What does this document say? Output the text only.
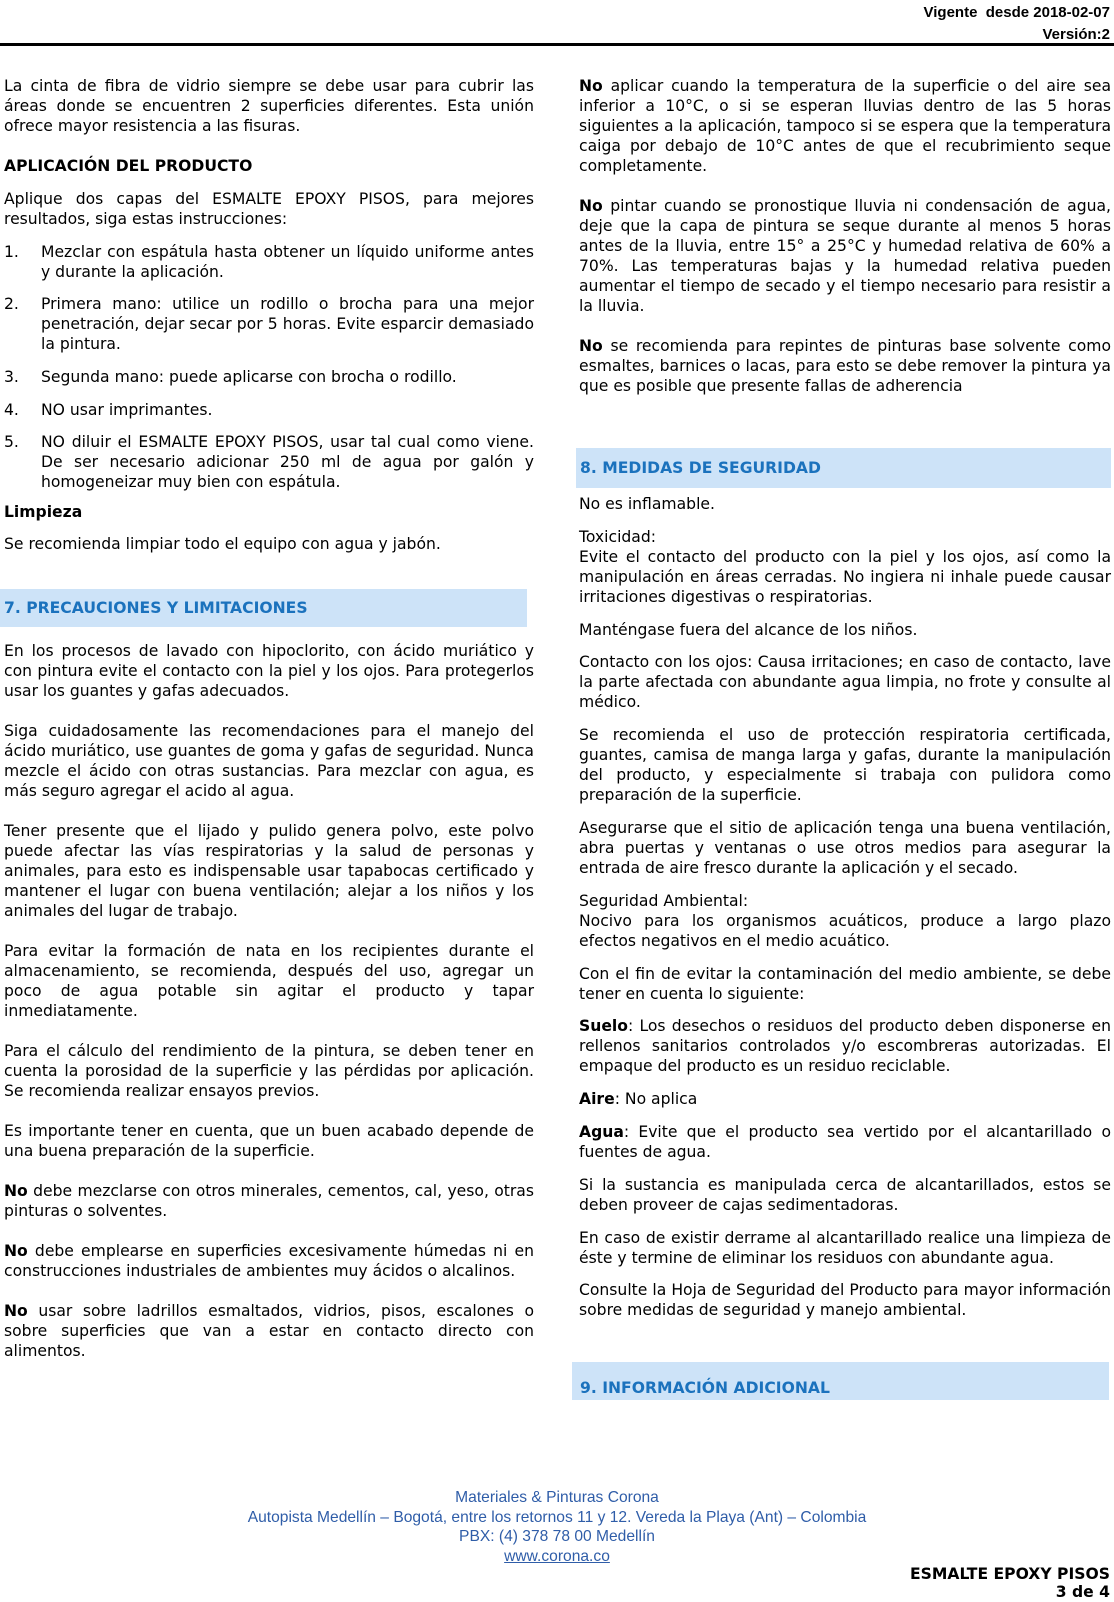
Vigente  desde 2018-02-07
Versión:2

La cinta de fibra de vidrio siempre se debe usar para cubrir las áreas donde se encuentren 2 superficies diferentes. Esta unión ofrece mayor resistencia a las fisuras.

APLICACIÓN DEL PRODUCTO

Aplique dos capas del ESMALTE EPOXY PISOS, para mejores resultados, siga estas instrucciones:

1. Mezclar con espátula hasta obtener un líquido uniforme antes y durante la aplicación.
2. Primera mano: utilice un rodillo o brocha para una mejor penetración, dejar secar por 5 horas. Evite esparcir demasiado la pintura.
3. Segunda mano: puede aplicarse con brocha o rodillo.
4. NO usar imprimantes.
5. NO diluir el ESMALTE EPOXY PISOS, usar tal cual como viene. De ser necesario adicionar 250 ml de agua por galón y homogeneizar muy bien con espátula.
Limpieza

Se recomienda limpiar todo el equipo con agua y jabón.

7. PRECAUCIONES Y LIMITACIONES

En los procesos de lavado con hipoclorito, con ácido muriático y con pintura evite el contacto con la piel y los ojos. Para protegerlos usar los guantes y gafas adecuados.

Siga cuidadosamente las recomendaciones para el manejo del ácido muriático, use guantes de goma y gafas de seguridad. Nunca mezcle el ácido con otras sustancias. Para mezclar con agua, es más seguro agregar el acido al agua.

Tener presente que el lijado y pulido genera polvo, este polvo puede afectar las vías respiratorias y la salud de personas y animales, para esto es indispensable usar tapabocas certificado y mantener el lugar con buena ventilación; alejar a los niños y los animales del lugar de trabajo.

Para evitar la formación de nata en los recipientes durante el almacenamiento, se recomienda, después del uso, agregar un poco de agua potable sin agitar el producto y tapar inmediatamente.

Para el cálculo del rendimiento de la pintura, se deben tener en cuenta la porosidad de la superficie y las pérdidas por aplicación. Se recomienda realizar ensayos previos.

Es importante tener en cuenta, que un buen acabado depende de una buena preparación de la superficie.

No debe mezclarse con otros minerales, cementos, cal, yeso, otras pinturas o solventes.

No debe emplearse en superficies excesivamente húmedas ni en construcciones industriales de ambientes muy ácidos o alcalinos.

No usar sobre ladrillos esmaltados, vidrios, pisos, escalones o sobre superficies que van a estar en contacto directo con alimentos.

No aplicar cuando la temperatura de la superficie o del aire sea inferior a 10°C, o si se esperan lluvias dentro de las 5 horas siguientes a la aplicación, tampoco si se espera que la temperatura caiga por debajo de 10°C antes de que el recubrimiento seque completamente.

No pintar cuando se pronostique lluvia ni condensación de agua, deje que la capa de pintura se seque durante al menos 5 horas antes de la lluvia, entre 15° a 25°C y humedad relativa de 60% a 70%. Las temperaturas bajas y la humedad relativa pueden aumentar el tiempo de secado y el tiempo necesario para resistir a la lluvia.

No se recomienda para repintes de pinturas base solvente como esmaltes, barnices o lacas, para esto se debe remover la pintura ya que es posible que presente fallas de adherencia

8. MEDIDAS DE SEGURIDAD

No es inflamable.

Toxicidad:
Evite el contacto del producto con la piel y los ojos, así como la manipulación en áreas cerradas. No ingiera ni inhale puede causar irritaciones digestivas o respiratorias.

Manténgase fuera del alcance de los niños.

Contacto con los ojos: Causa irritaciones; en caso de contacto, lave la parte afectada con abundante agua limpia, no frote y consulte al médico.

Se recomienda el uso de protección respiratoria certificada, guantes, camisa de manga larga y gafas, durante la manipulación del producto, y especialmente si trabaja con pulidora como preparación de la superficie.

Asegurarse que el sitio de aplicación tenga una buena ventilación, abra puertas y ventanas o use otros medios para asegurar la entrada de aire fresco durante la aplicación y el secado.

Seguridad Ambiental:
Nocivo para los organismos acuáticos, produce a largo plazo efectos negativos en el medio acuático.

Con el fin de evitar la contaminación del medio ambiente, se debe tener en cuenta lo siguiente:

Suelo: Los desechos o residuos del producto deben disponerse en rellenos sanitarios controlados y/o escombreras autorizadas. El empaque del producto es un residuo reciclable.

Aire: No aplica

Agua: Evite que el producto sea vertido por el alcantarillado o fuentes de agua.

Si la sustancia es manipulada cerca de alcantarillados, estos se deben proveer de cajas sedimentadoras.

En caso de existir derrame al alcantarillado realice una limpieza de éste y termine de eliminar los residuos con abundante agua.

Consulte la Hoja de Seguridad del Producto para mayor información sobre medidas de seguridad y manejo ambiental.

9. INFORMACIÓN ADICIONAL
Materiales & Pinturas Corona
Autopista Medellín – Bogotá, entre los retornos 11 y 12. Vereda la Playa (Ant) – Colombia
PBX: (4) 378 78 00 Medellín
www.corona.co
ESMALTE EPOXY PISOS
3 de 4
